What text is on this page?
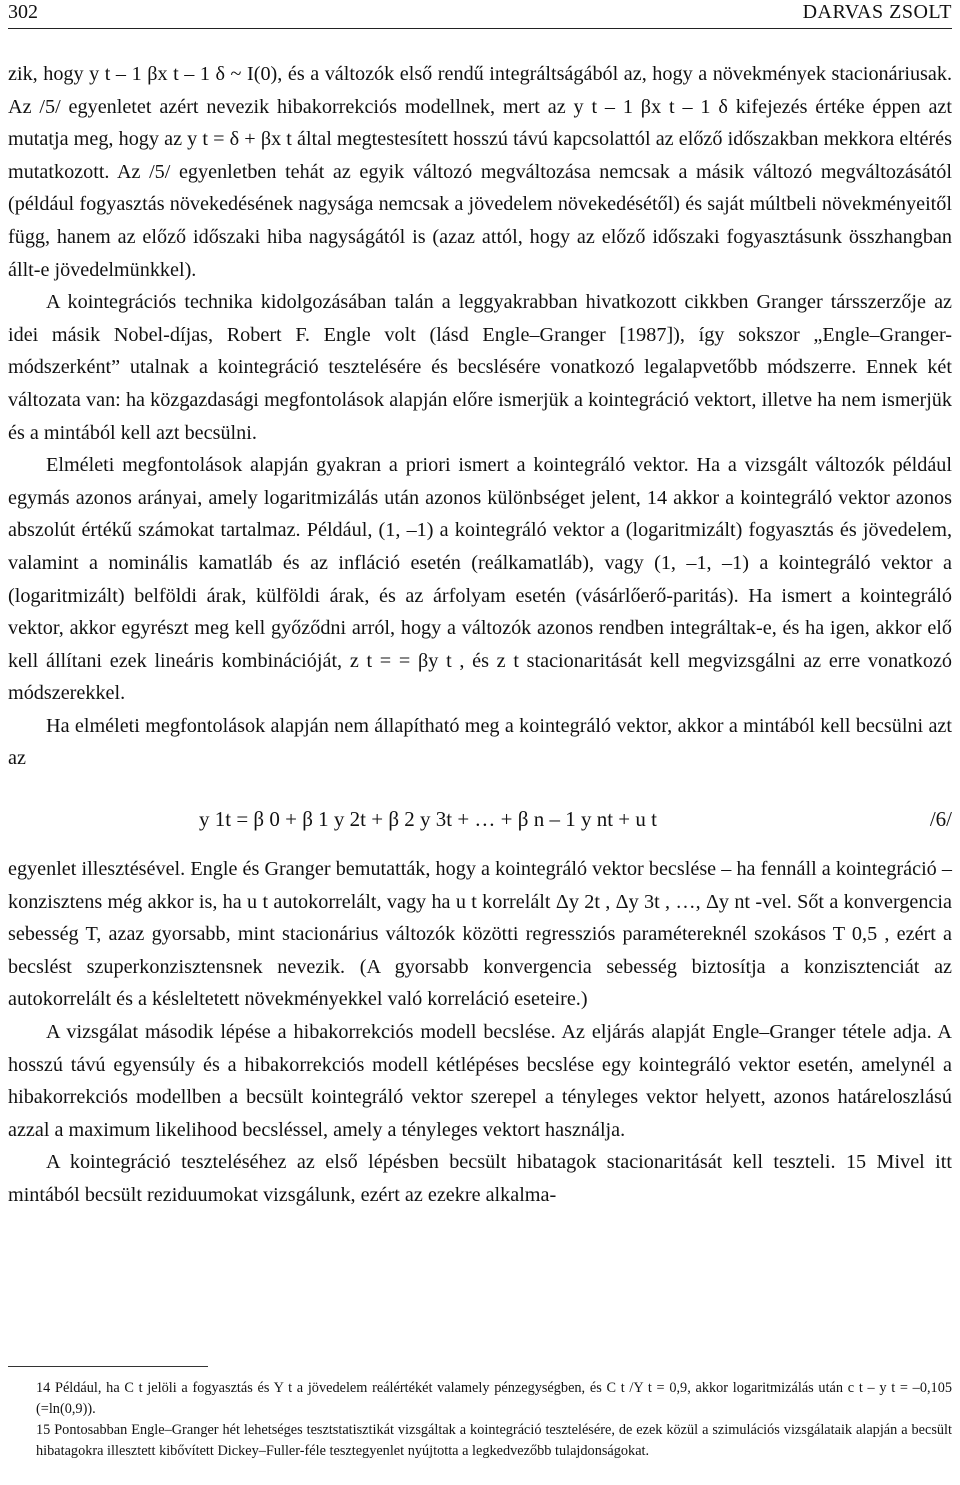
302	DARVAS ZSOLT

zik, hogy y t – 1 βx t – 1 δ ~ I(0), és a változók első rendű integráltságából az, hogy a növekmények stacionáriusak. Az /5/ egyenletet azért nevezik hibakorrekciós modellnek, mert az y t – 1 βx t – 1 δ kifejezés értéke éppen azt mutatja meg, hogy az y t = δ + βx t által megtestesített hosszú távú kapcsolattól az előző időszakban mekkora eltérés mutatkozott. Az /5/ egyenletben tehát az egyik változó megváltozása nemcsak a másik változó megváltozásától (például fogyasztás növekedésének nagysága nemcsak a jövedelem növekedésétől) és saját múltbeli növekményeitől függ, hanem az előző időszaki hiba nagyságától is (azaz attól, hogy az előző időszaki fogyasztásunk összhangban állt-e jövedelmünkkel).

A kointegrációs technika kidolgozásában talán a leggyakrabban hivatkozott cikkben Granger társszerzője az idei másik Nobel-díjas, Robert F. Engle volt (lásd Engle–Granger [1987]), így sokszor „Engle–Granger-módszerként” utalnak a kointegráció tesztelésére és becslésére vonatkozó legalapvetőbb módszerre. Ennek két változata van: ha közgazdasági megfontolások alapján előre ismerjük a kointegráció vektort, illetve ha nem ismerjük és a mintából kell azt becsülni.

Elméleti megfontolások alapján gyakran a priori ismert a kointegráló vektor. Ha a vizsgált változók például egymás azonos arányai, amely logaritmizálás után azonos különbséget jelent, 14 akkor a kointegráló vektor azonos abszolút értékű számokat tartalmaz. Például, (1, –1) a kointegráló vektor a (logaritmizált) fogyasztás és jövedelem, valamint a nominális kamatláb és az infláció esetén (reálkamatláb), vagy (1, –1, –1) a kointegráló vektor a (logaritmizált) belföldi árak, külföldi árak, és az árfolyam esetén (vásárlőerő-paritás). Ha ismert a kointegráló vektor, akkor egyrészt meg kell győződni arról, hogy a változók azonos rendben integráltak-e, és ha igen, akkor elő kell állítani ezek lineáris kombinációját, z t = = βy t , és z t stacionaritását kell megvizsgálni az erre vonatkozó módszerekkel.

Ha elméleti megfontolások alapján nem állapítható meg a kointegráló vektor, akkor a mintából kell becsülni azt az

y 1t = β 0 + β 1 y 2t + β 2 y 3t + … + β n – 1 y nt + u t	/6/

egyenlet illesztésével. Engle és Granger bemutatták, hogy a kointegráló vektor becslése – ha fennáll a kointegráció – konzisztens még akkor is, ha u t autokorrelált, vagy ha u t korrelált Δy 2t , Δy 3t , …, Δy nt -vel. Sőt a konvergencia sebesség T, azaz gyorsabb, mint stacionárius változók közötti regressziós paramétereknél szokásos T 0,5 , ezért a becslést szuperkonzisztensnek nevezik. (A gyorsabb konvergencia sebesség biztosítja a konzisztenciát az autokorrelált és a késleltetett növekményekkel való korreláció eseteire.)

A vizsgálat második lépése a hibakorrekciós modell becslése. Az eljárás alapját Engle–Granger tétele adja. A hosszú távú egyensúly és a hibakorrekciós modell kétlépéses becslése egy kointegráló vektor esetén, amelynél a hibakorrekciós modellben a becsült kointegráló vektor szerepel a tényleges vektor helyett, azonos határeloszlású azzal a maximum likelihood becsléssel, amely a tényleges vektort használja.

A kointegráció teszteléséhez az első lépésben becsült hibatagok stacionaritását kell teszteli. 15 Mivel itt mintából becsült reziduumokat vizsgálunk, ezért az ezekre alkalma-

14 Például, ha C t jelöli a fogyasztás és Y t a jövedelem reálértékét valamely pénzegységben, és C t /Y t = 0,9, akkor logaritmizálás után c t – y t = –0,105 (=ln(0,9)).

15 Pontosabban Engle–Granger hét lehetséges tesztstatisztikát vizsgáltak a kointegráció tesztelésére, de ezek közül a szimulációs vizsgálataik alapján a becsült hibatagokra illesztett kibővített Dickey–Fuller-féle tesztegyenlet nyújtotta a legkedvezőbb tulajdonságokat.
